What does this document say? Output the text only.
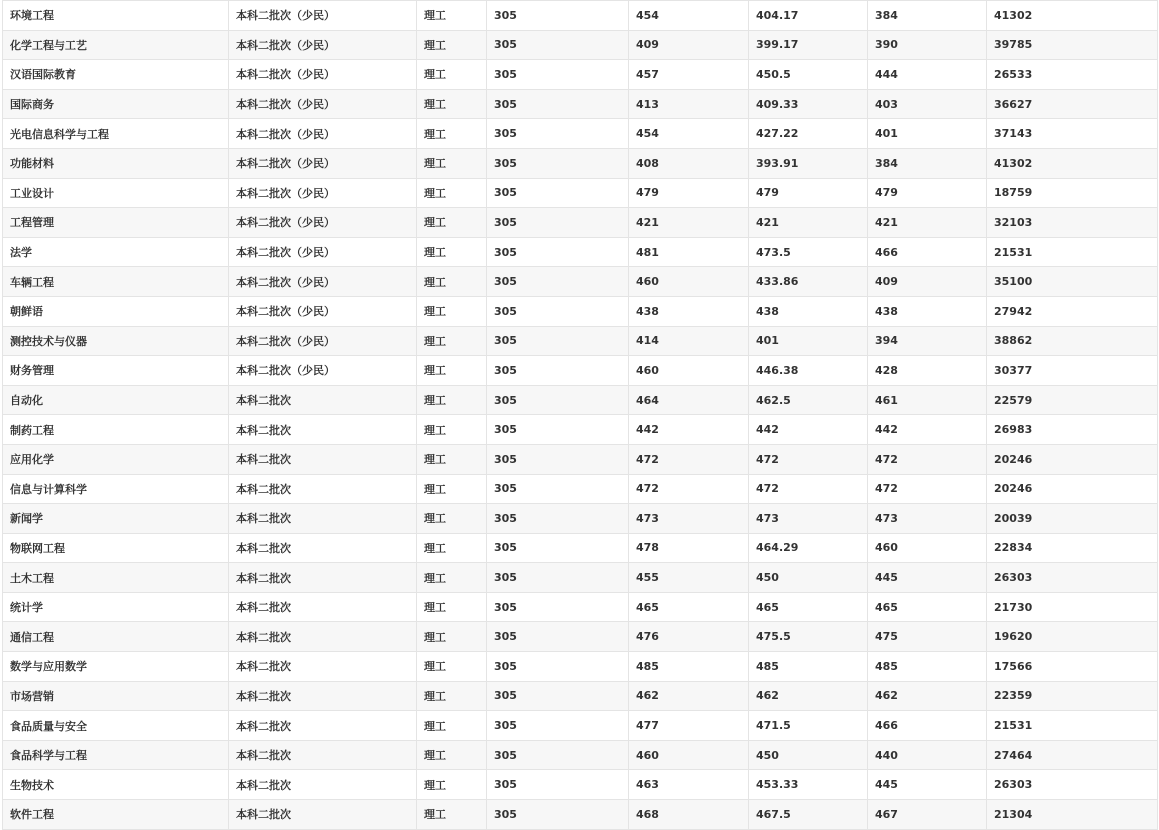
环境工程	本科二批次（少民）	理工	305	454	404.17	384	41302
化学工程与工艺	本科二批次（少民）	理工	305	409	399.17	390	39785
汉语国际教育	本科二批次（少民）	理工	305	457	450.5	444	26533
国际商务	本科二批次（少民）	理工	305	413	409.33	403	36627
光电信息科学与工程	本科二批次（少民）	理工	305	454	427.22	401	37143
功能材料	本科二批次（少民）	理工	305	408	393.91	384	41302
工业设计	本科二批次（少民）	理工	305	479	479	479	18759
工程管理	本科二批次（少民）	理工	305	421	421	421	32103
法学	本科二批次（少民）	理工	305	481	473.5	466	21531
车辆工程	本科二批次（少民）	理工	305	460	433.86	409	35100
朝鲜语	本科二批次（少民）	理工	305	438	438	438	27942
测控技术与仪器	本科二批次（少民）	理工	305	414	401	394	38862
财务管理	本科二批次（少民）	理工	305	460	446.38	428	30377
自动化	本科二批次	理工	305	464	462.5	461	22579
制药工程	本科二批次	理工	305	442	442	442	26983
应用化学	本科二批次	理工	305	472	472	472	20246
信息与计算科学	本科二批次	理工	305	472	472	472	20246
新闻学	本科二批次	理工	305	473	473	473	20039
物联网工程	本科二批次	理工	305	478	464.29	460	22834
土木工程	本科二批次	理工	305	455	450	445	26303
统计学	本科二批次	理工	305	465	465	465	21730
通信工程	本科二批次	理工	305	476	475.5	475	19620
数学与应用数学	本科二批次	理工	305	485	485	485	17566
市场营销	本科二批次	理工	305	462	462	462	22359
食品质量与安全	本科二批次	理工	305	477	471.5	466	21531
食品科学与工程	本科二批次	理工	305	460	450	440	27464
生物技术	本科二批次	理工	305	463	453.33	445	26303
软件工程	本科二批次	理工	305	468	467.5	467	21304
